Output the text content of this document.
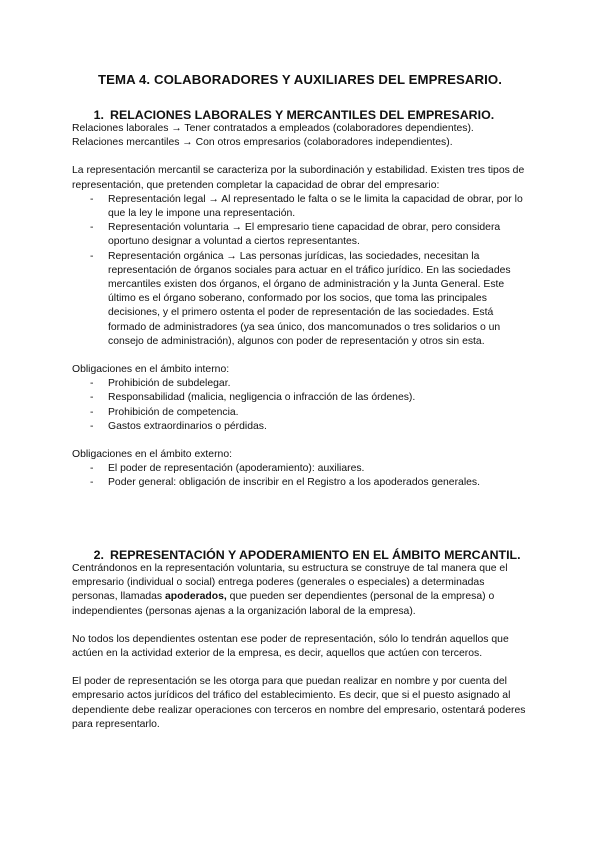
TEMA 4. COLABORADORES Y AUXILIARES DEL EMPRESARIO.
1. RELACIONES LABORALES Y MERCANTILES DEL EMPRESARIO.

Relaciones laborales → Tener contratados a empleados (colaboradores dependientes).

Relaciones mercantiles → Con otros empresarios (colaboradores independientes).

La representación mercantil se caracteriza por la subordinación y estabilidad. Existen tres tipos de representación, que pretenden completar la capacidad de obrar del empresario:

-	Representación legal → Al representado le falta o se le limita la capacidad de obrar, por lo que la ley le impone una representación.
-	Representación voluntaria → El empresario tiene capacidad de obrar, pero considera oportuno designar a voluntad a ciertos representantes.
-	Representación orgánica → Las personas jurídicas, las sociedades, necesitan la representación de órganos sociales para actuar en el tráfico jurídico. En las sociedades mercantiles existen dos órganos, el órgano de administración y la Junta General. Este último es el órgano soberano, conformado por los socios, que toma las principales decisiones, y el primero ostenta el poder de representación de las sociedades. Está formado de administradores (ya sea único, dos mancomunados o tres solidarios o un consejo de administración), algunos con poder de representación y otros sin esta.

Obligaciones en el ámbito interno:

-	Prohibición de subdelegar.
-	Responsabilidad (malicia, negligencia o infracción de las órdenes).
-	Prohibición de competencia.
-	Gastos extraordinarios o pérdidas.

Obligaciones en el ámbito externo:

-	El poder de representación (apoderamiento): auxiliares.
-	Poder general: obligación de inscribir en el Registro a los apoderados generales.
2. REPRESENTACIÓN Y APODERAMIENTO EN EL ÁMBITO MERCANTIL.

Centrándonos en la representación voluntaria, su estructura se construye de tal manera que el empresario (individual o social) entrega poderes (generales o especiales) a determinadas personas, llamadas apoderados, que pueden ser dependientes (personal de la empresa) o independientes (personas ajenas a la organización laboral de la empresa).

No todos los dependientes ostentan ese poder de representación, sólo lo tendrán aquellos que actúen en la actividad exterior de la empresa, es decir, aquellos que actúen con terceros.

El poder de representación se les otorga para que puedan realizar en nombre y por cuenta del empresario actos jurídicos del tráfico del establecimiento. Es decir, que si el puesto asignado al dependiente debe realizar operaciones con terceros en nombre del empresario, ostentará poderes para representarlo.
